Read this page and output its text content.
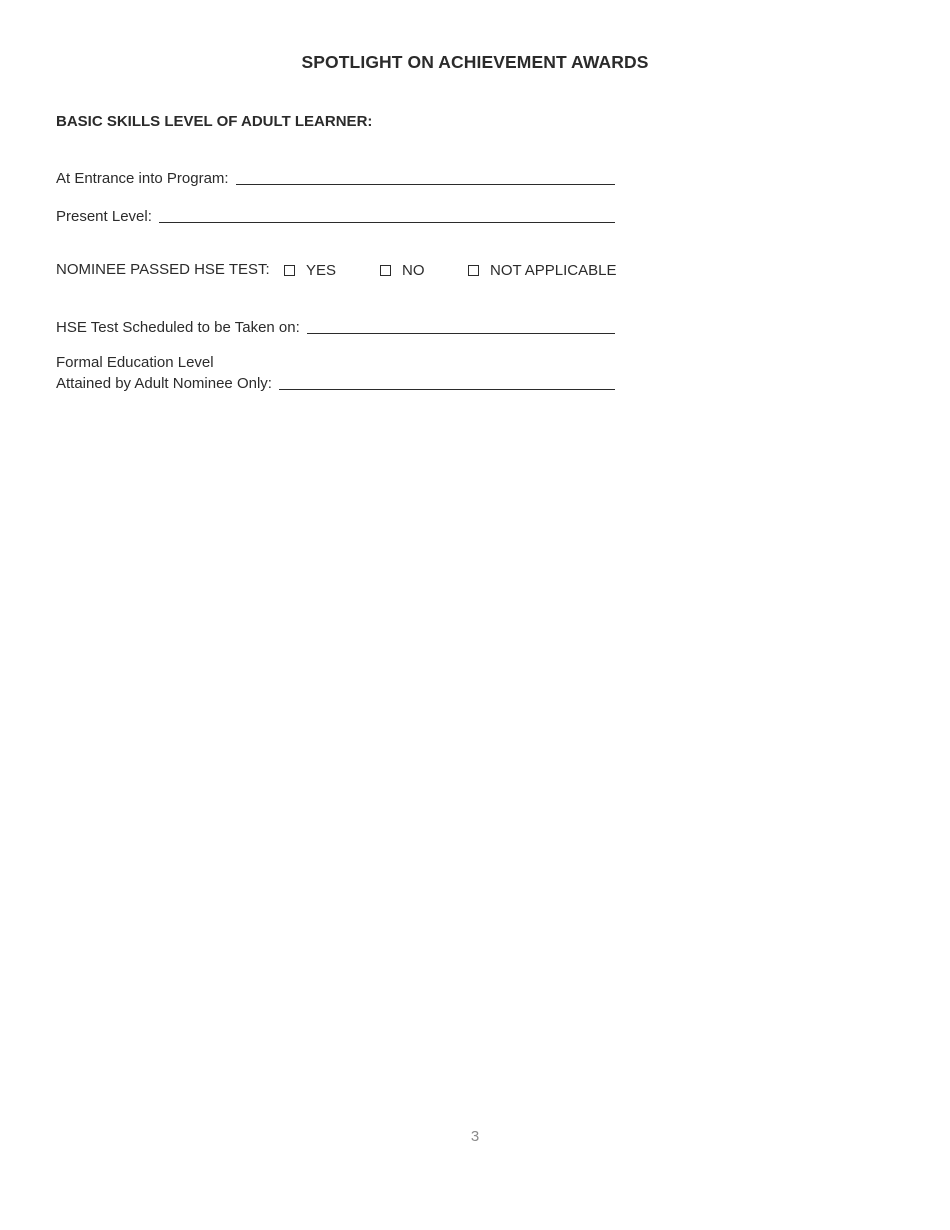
SPOTLIGHT ON ACHIEVEMENT AWARDS
BASIC SKILLS LEVEL OF ADULT LEARNER:
At Entrance into Program:
Present Level:
NOMINEE PASSED HSE TEST: YES	NO	NOT APPLICABLE
HSE Test Scheduled to be Taken on:
Formal Education Level
Attained by Adult Nominee Only:
3
